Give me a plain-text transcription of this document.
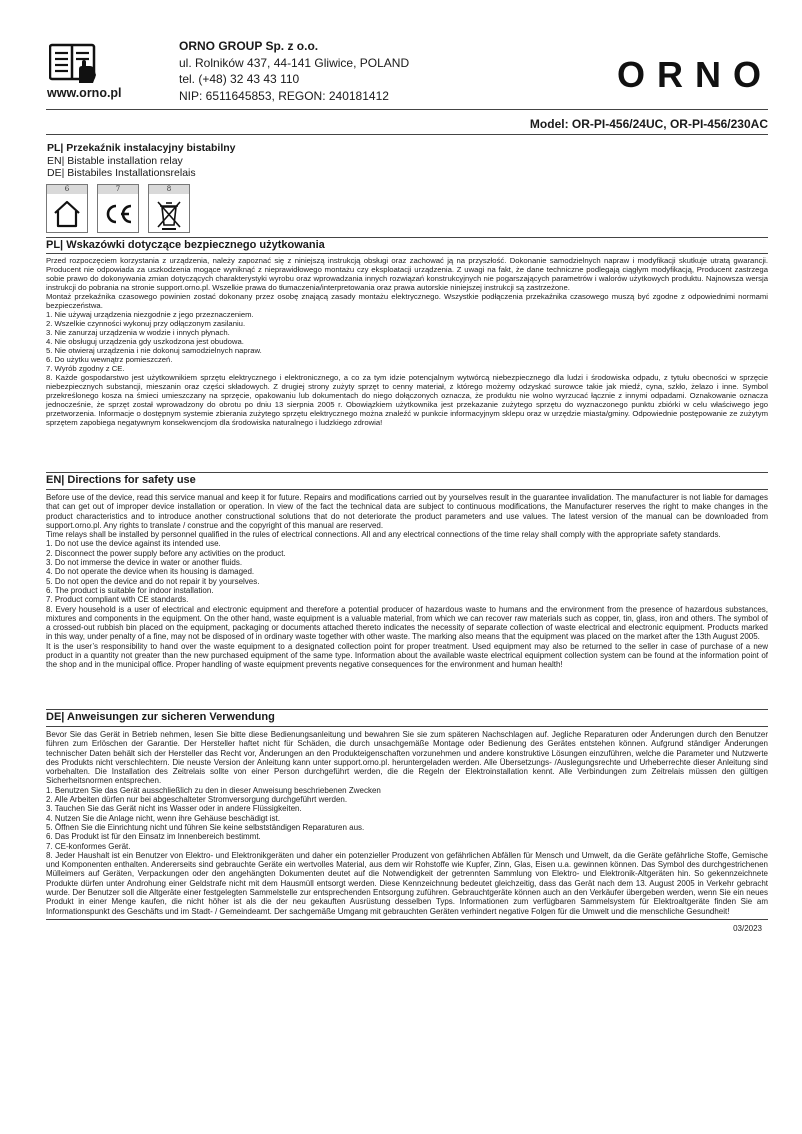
www.orno.pl
ORNO GROUP Sp. z o.o.
ul. Rolników 437, 44-141 Gliwice, POLAND
tel. (+48) 32 43 43 110
NIP: 6511645853, REGON: 240181412
ORNO
Model: OR-PI-456/24UC, OR-PI-456/230AC
PL| Przekaźnik instalacyjny bistabilny
EN| Bistable installation relay
DE| Bistabiles Installationsrelais
6	7	8
PL| Wskazówki dotyczące bezpiecznego użytkowania

Przed rozpoczęciem korzystania z urządzenia, należy zapoznać się z niniejszą instrukcją obsługi oraz zachować ją na przyszłość. Dokonanie samodzielnych napraw i modyfikacji skutkuje utratą gwarancji. Producent nie odpowiada za uszkodzenia mogące wyniknąć z nieprawidłowego montażu czy eksploatacji urządzenia. Z uwagi na fakt, że dane techniczne podlegają ciągłym modyfikacją, Producent zastrzega sobie prawo do dokonywania zmian dotyczących charakterystyki wyrobu oraz wprowadzania innych rozwiązań konstrukcyjnych nie pogarszających parametrów i walorów użytkowych produktu. Najnowsza wersja instrukcji do pobrania na stronie support.orno.pl. Wszelkie prawa do tłumaczenia/interpretowania oraz prawa autorskie niniejszej instrukcji są zastrzeżone.

Montaż przekaźnika czasowego powinien zostać dokonany przez osobę znającą zasady montażu elektrycznego. Wszystkie podłączenia przekaźnika czasowego muszą być zgodne z odpowiednimi normami bezpieczeństwa.

1. Nie używaj urządzenia niezgodnie z jego przeznaczeniem.

2. Wszelkie czynności wykonuj przy odłączonym zasilaniu.

3. Nie zanurzaj urządzenia w wodzie i innych płynach.

4. Nie obsługuj urządzenia gdy uszkodzona jest obudowa.

5. Nie otwieraj urządzenia i nie dokonuj samodzielnych napraw.

6. Do użytku wewnątrz pomieszczeń.

7. Wyrób zgodny z CE.

8. Każde gospodarstwo jest użytkownikiem sprzętu elektrycznego i elektronicznego, a co za tym idzie potencjalnym wytwórcą niebezpiecznego dla ludzi i środowiska odpadu, z tytułu obecności w sprzęcie niebezpiecznych substancji, mieszanin oraz części składowych. Z drugiej strony zużyty sprzęt to cenny materiał, z którego możemy odzyskać surowce takie jak miedź, cyna, szkło, żelazo i inne. Symbol przekreślonego kosza na śmieci umieszczany na sprzęcie, opakowaniu lub dokumentach do niego dołączonych oznacza, że produktu nie wolno wyrzucać łącznie z innymi odpadami. Oznakowanie oznacza jednocześnie, że sprzęt został wprowadzony do obrotu po dniu 13 sierpnia 2005 r. Obowiązkiem użytkownika jest przekazanie zużytego sprzętu do wyznaczonego punktu zbiórki w celu właściwego jego przetworzenia. Informacje o dostępnym systemie zbierania zużytego sprzętu elektrycznego można znaleźć w punkcie informacyjnym sklepu oraz w urzędzie miasta/gminy. Odpowiednie postępowanie ze zużytym sprzętem zapobiega negatywnym konsekwencjom dla środowiska naturalnego i ludzkiego zdrowia!

EN| Directions for safety use

Before use of the device, read this service manual and keep it for future. Repairs and modifications carried out by yourselves result in the guarantee invalidation. The manufacturer is not liable for damages that can get out of improper device installation or operation. In view of the fact the technical data are subject to continuous modifications, the Manufacturer reserves the right to make changes in the product characteristics and to introduce another constructional solutions that do not deteriorate the product parameters and use values. The latest version of the manual can be downloaded from support.orno.pl. Any rights to translate / construe and the copyright of this manual are reserved.

Time relays shall be installed by personnel qualified in the rules of electrical connections. All and any electrical connections of the time relay shall comply with the appropriate safety standards.

1. Do not use the device against its intended use.

2. Disconnect the power supply before any activities on the product.

3. Do not immerse the device in water or another fluids.

4. Do not operate the device when its housing is damaged.

5. Do not open the device and do not repair it by yourselves.

6. The product is suitable for indoor installation.

7. Product compliant with CE standards.

8. Every household is a user of electrical and electronic equipment and therefore a potential producer of hazardous waste to humans and the environment from the presence of hazardous substances, mixtures and components in the equipment. On the other hand, waste equipment is a valuable material, from which we can recover raw materials such as copper, tin, glass, iron and others. The symbol of a crossed-out rubbish bin placed on the equipment, packaging or documents attached thereto indicates the necessity of separate collection of waste electrical and electronic equipment. Products marked in this way, under penalty of a fine, may not be disposed of in ordinary waste together with other waste. The marking also means that the equipment was placed on the market after the 13th August 2005.

It is the user’s responsibility to hand over the waste equipment to a designated collection point for proper treatment. Used equipment may also be returned to the seller in case of purchase of a new product in a quantity not greater than the new purchased equipment of the same type. Information about the available waste electrical equipment collection system can be found at the information point of the shop and in the municipal office. Proper handling of waste equipment prevents negative consequences for the environment and human health!

DE| Anweisungen zur sicheren Verwendung

Bevor Sie das Gerät in Betrieb nehmen, lesen Sie bitte diese Bedienungsanleitung und bewahren Sie sie zum späteren Nachschlagen auf. Jegliche Reparaturen oder Änderungen durch den Benutzer führen zum Erlöschen der Garantie. Der Hersteller haftet nicht für Schäden, die durch unsachgemäße Montage oder Bedienung des Gerätes entstehen können. Aufgrund ständiger Änderungen technischer Daten behält sich der Hersteller das Recht vor, Änderungen an den Produkteigenschaften vorzunehmen und andere konstruktive Lösungen einzuführen, welche die Parameter und Nutzwerte des Produkts nicht verschlechtern. Die neuste Version der Anleitung kann unter support.orno.pl. heruntergeladen werden. Alle Übersetzungs- /Auslegungsrechte und Urheberrechte dieser Anleitung sind vorbehalten. Die Installation des Zeitrelais sollte von einer Person durchgeführt werden, die die Regeln der Elektroinstallation kennt. Alle Verbindungen zum Zeitrelais müssen den gültigen Sicherheitsnormen entsprechen.

1. Benutzen Sie das Gerät ausschließlich zu den in dieser Anweisung beschriebenen Zwecken

2. Alle Arbeiten dürfen nur bei abgeschalteter Stromversorgung durchgeführt werden.

3. Tauchen Sie das Gerät nicht ins Wasser oder in andere Flüssigkeiten.

4. Nutzen Sie die Anlage nicht, wenn ihre Gehäuse beschädigt ist.

5. Öffnen Sie die Einrichtung nicht und führen Sie keine selbstständigen Reparaturen aus.

6. Das Produkt ist für den Einsatz im Innenbereich bestimmt.

7. CE-konformes Gerät.

8. Jeder Haushalt ist ein Benutzer von Elektro- und Elektronikgeräten und daher ein potenzieller Produzent von gefährlichen Abfällen für Mensch und Umwelt, da die Geräte gefährliche Stoffe, Gemische und Komponenten enthalten. Andererseits sind gebrauchte Geräte ein wertvolles Material, aus dem wir Rohstoffe wie Kupfer, Zinn, Glas, Eisen u.a. gewinnen können. Das Symbol des durchgestrichenen Mülleimers auf Geräten, Verpackungen oder den angehängten Dokumenten deutet auf die Notwendigkeit der getrennten Sammlung von Elektro- und Elektronik-Altgeräten hin. So gekennzeichnete Produkte dürfen unter Androhung einer Geldstrafe nicht mit dem Hausmüll entsorgt werden. Diese Kennzeichnung bedeutet gleichzeitig, dass das Gerät nach dem 13. August 2005 in Verkehr gebracht wurde. Der Benutzer soll die Altgeräte einer festgelegten Sammelstelle zur entsprechenden Entsorgung zuführen. Gebrauchtgeräte können auch an den Verkäufer übergeben werden, wenn Sie ein neues Produkt in einer Menge kaufen, die nicht höher ist als die der neu gekauften Ausrüstung desselben Typs. Informationen zum verfügbaren Sammelsystem für Elektroaltgeräte finden Sie am Informationspunkt des Geschäfts und im Stadt- / Gemeindeamt. Der sachgemäße Umgang mit gebrauchten Geräten verhindert negative Folgen für die Umwelt und die menschliche Gesundheit!

03/2023
